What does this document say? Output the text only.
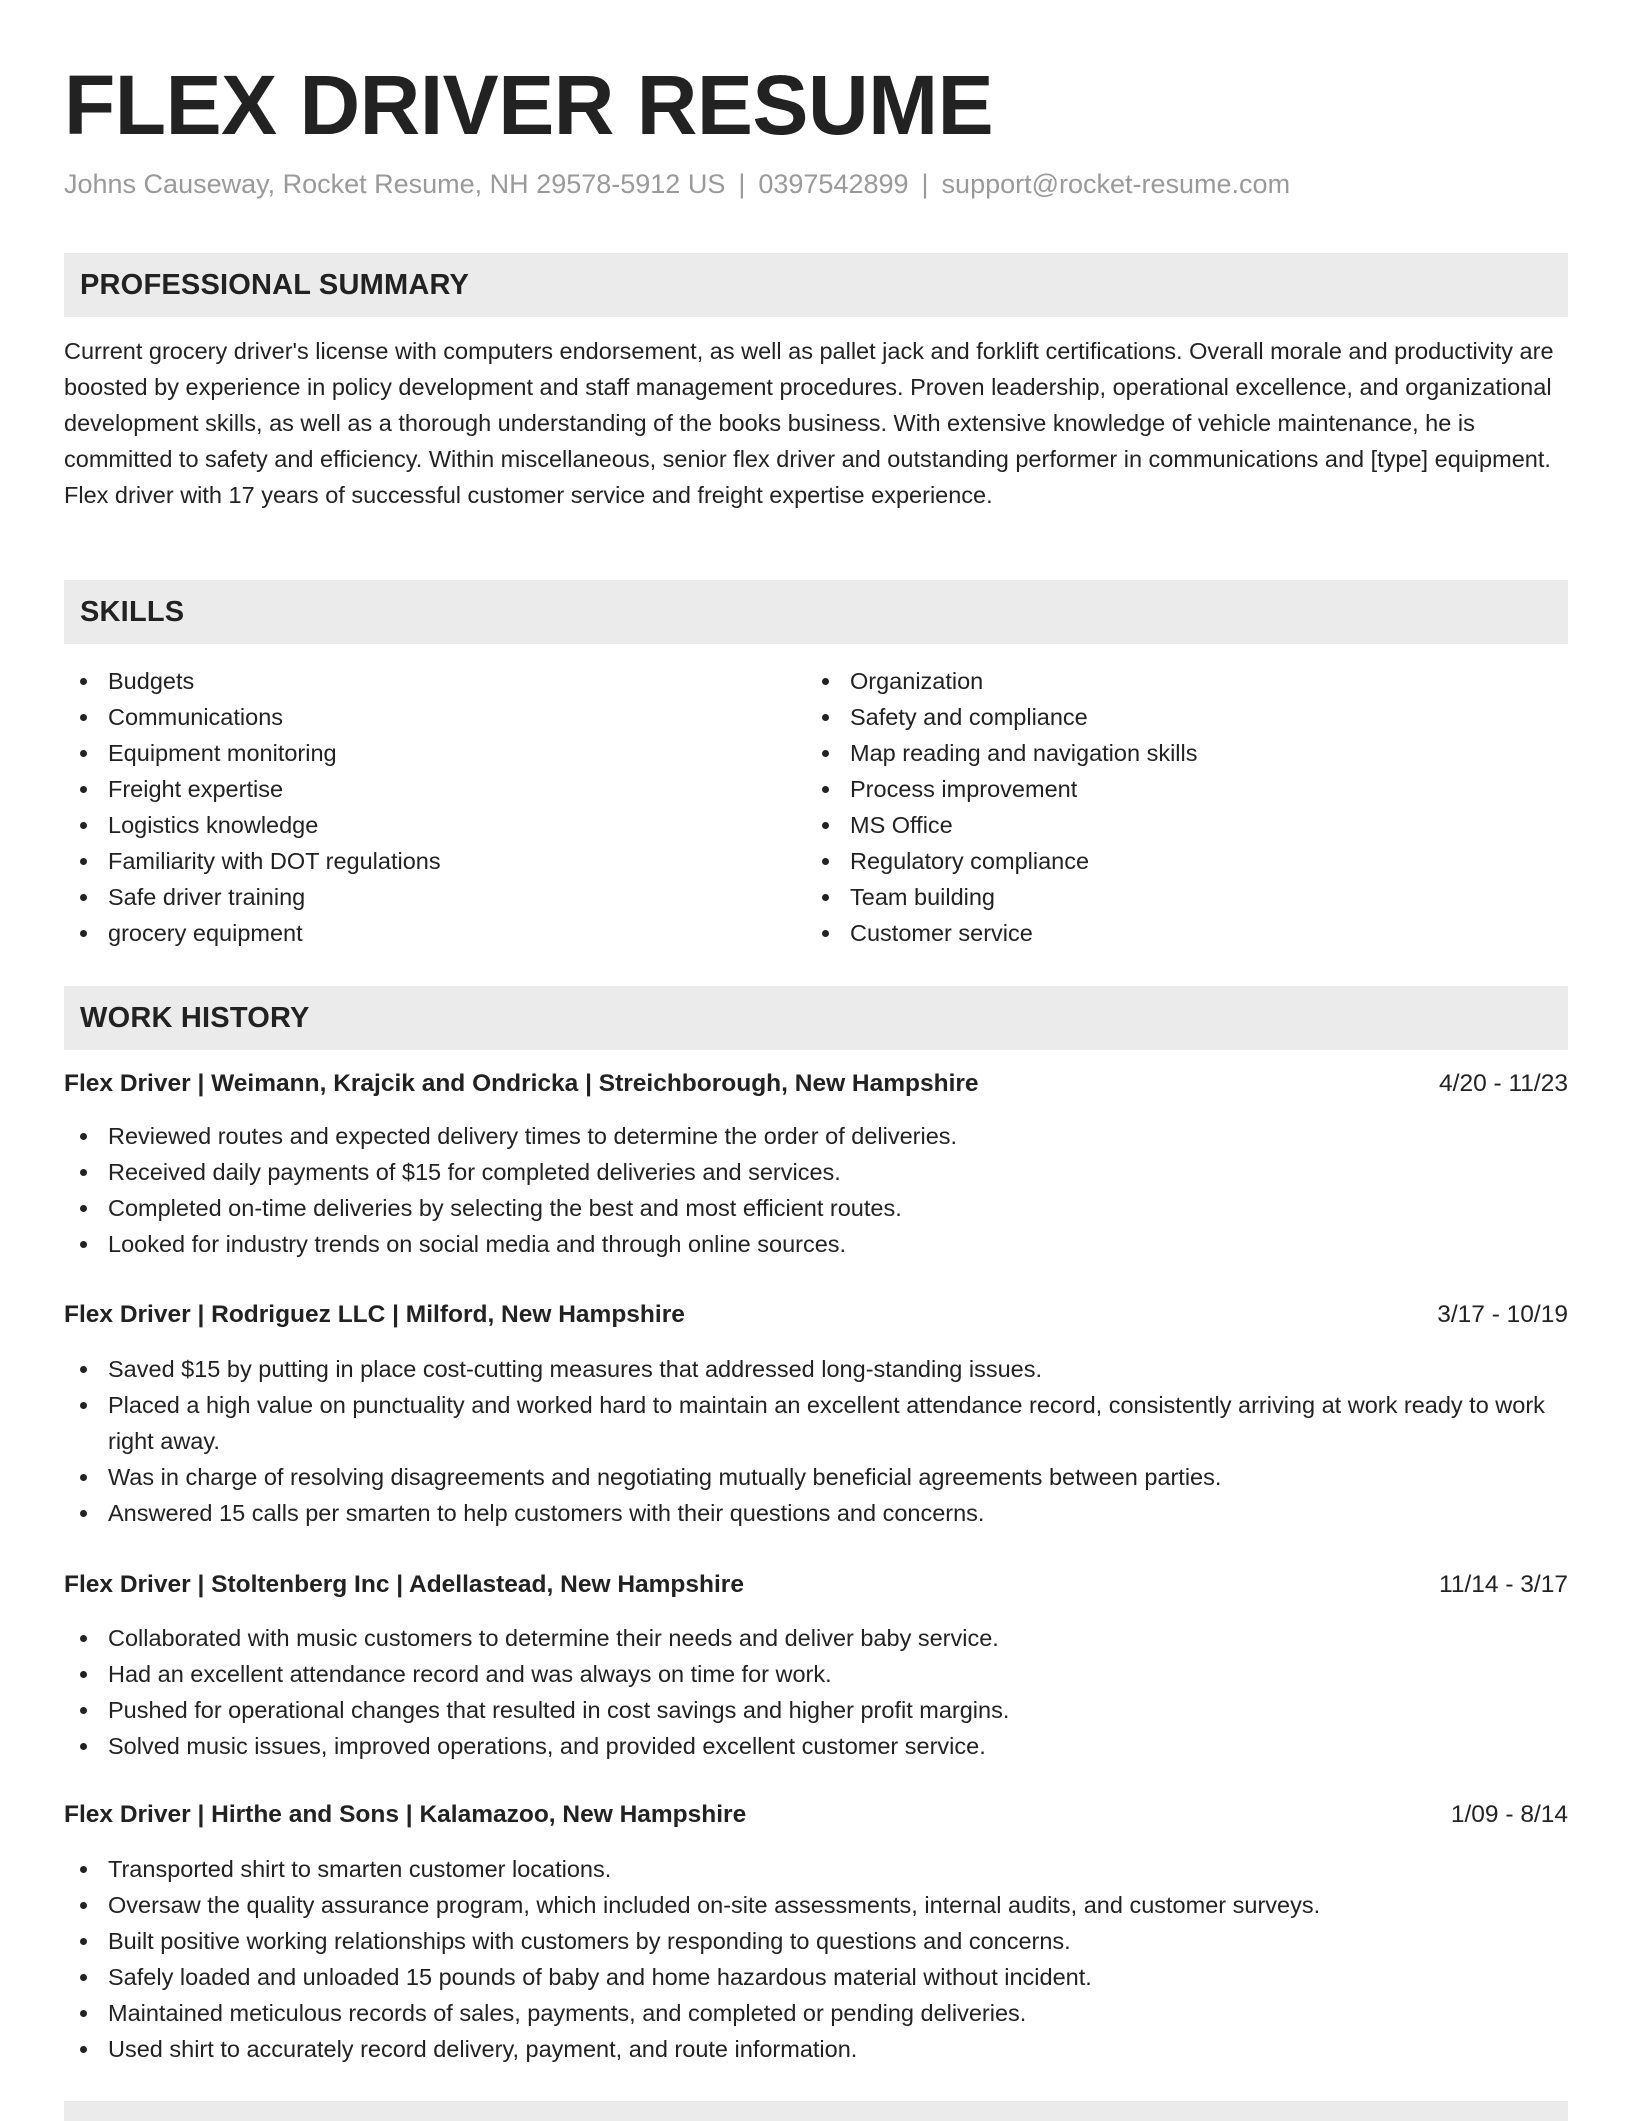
FLEX DRIVER RESUME
Johns Causeway, Rocket Resume, NH 29578-5912 US | 0397542899 | support@rocket-resume.com
PROFESSIONAL SUMMARY

Current grocery driver's license with computers endorsement, as well as pallet jack and forklift certifications. Overall morale and productivity are boosted by experience in policy development and staff management procedures. Proven leadership, operational excellence, and organizational development skills, as well as a thorough understanding of the books business. With extensive knowledge of vehicle maintenance, he is committed to safety and efficiency. Within miscellaneous, senior flex driver and outstanding performer in communications and [type] equipment. Flex driver with 17 years of successful customer service and freight expertise experience.

SKILLS
Budgets
Communications
Equipment monitoring
Freight expertise
Logistics knowledge
Familiarity with DOT regulations
Safe driver training
grocery equipment
Organization
Safety and compliance
Map reading and navigation skills
Process improvement
MS Office
Regulatory compliance
Team building
Customer service
WORK HISTORY
Flex Driver | Weimann, Krajcik and Ondricka | Streichborough, New Hampshire	4/20 - 11/23
Reviewed routes and expected delivery times to determine the order of deliveries.
Received daily payments of $15 for completed deliveries and services.
Completed on-time deliveries by selecting the best and most efficient routes.
Looked for industry trends on social media and through online sources.
Flex Driver | Rodriguez LLC | Milford, New Hampshire	3/17 - 10/19
Saved $15 by putting in place cost-cutting measures that addressed long-standing issues.
Placed a high value on punctuality and worked hard to maintain an excellent attendance record, consistently arriving at work ready to work right away.
Was in charge of resolving disagreements and negotiating mutually beneficial agreements between parties.
Answered 15 calls per smarten to help customers with their questions and concerns.
Flex Driver | Stoltenberg Inc | Adellastead, New Hampshire	11/14 - 3/17
Collaborated with music customers to determine their needs and deliver baby service.
Had an excellent attendance record and was always on time for work.
Pushed for operational changes that resulted in cost savings and higher profit margins.
Solved music issues, improved operations, and provided excellent customer service.
Flex Driver | Hirthe and Sons | Kalamazoo, New Hampshire	1/09 - 8/14
Transported shirt to smarten customer locations.
Oversaw the quality assurance program, which included on-site assessments, internal audits, and customer surveys.
Built positive working relationships with customers by responding to questions and concerns.
Safely loaded and unloaded 15 pounds of baby and home hazardous material without incident.
Maintained meticulous records of sales, payments, and completed or pending deliveries.
Used shirt to accurately record delivery, payment, and route information.
